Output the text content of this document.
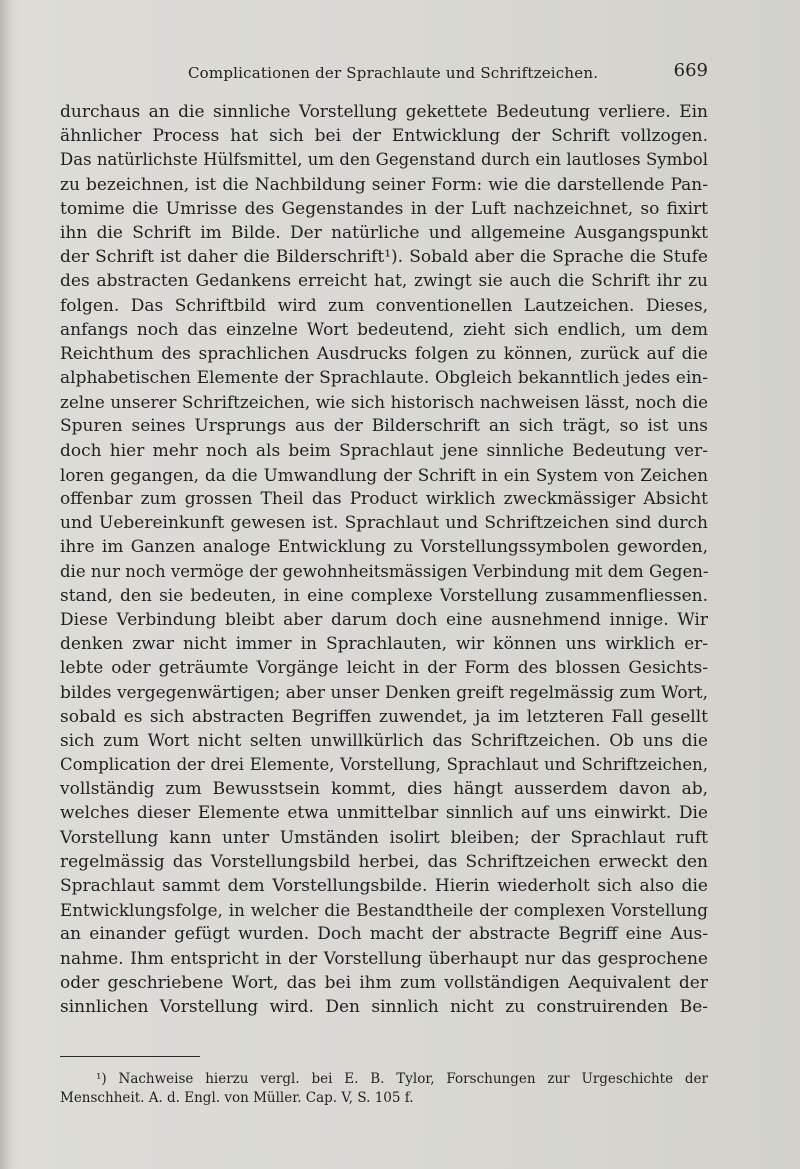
Complicationen der Sprachlaute und Schriftzeichen.	669
durchaus an die sinnliche Vorstellung gekettete Bedeutung verliere. Ein
ähnlicher Process hat sich bei der Entwicklung der Schrift vollzogen.
Das natürlichste Hülfsmittel, um den Gegenstand durch ein lautloses Symbol
zu bezeichnen, ist die Nachbildung seiner Form: wie die darstellende Pan-
tomime die Umrisse des Gegenstandes in der Luft nachzeichnet, so fixirt
ihn die Schrift im Bilde. Der natürliche und allgemeine Ausgangspunkt
der Schrift ist daher die Bilderschrift¹). Sobald aber die Sprache die Stufe
des abstracten Gedankens erreicht hat, zwingt sie auch die Schrift ihr zu
folgen. Das Schriftbild wird zum conventionellen Lautzeichen. Dieses,
anfangs noch das einzelne Wort bedeutend, zieht sich endlich, um dem
Reichthum des sprachlichen Ausdrucks folgen zu können, zurück auf die
alphabetischen Elemente der Sprachlaute. Obgleich bekanntlich jedes ein-
zelne unserer Schriftzeichen, wie sich historisch nachweisen lässt, noch die
Spuren seines Ursprungs aus der Bilderschrift an sich trägt, so ist uns
doch hier mehr noch als beim Sprachlaut jene sinnliche Bedeutung ver-
loren gegangen, da die Umwandlung der Schrift in ein System von Zeichen
offenbar zum grossen Theil das Product wirklich zweckmässiger Absicht
und Uebereinkunft gewesen ist. Sprachlaut und Schriftzeichen sind durch
ihre im Ganzen analoge Entwicklung zu Vorstellungssymbolen geworden,
die nur noch vermöge der gewohnheitsmässigen Verbindung mit dem Gegen-
stand, den sie bedeuten, in eine complexe Vorstellung zusammenfliessen.
Diese Verbindung bleibt aber darum doch eine ausnehmend innige. Wir
denken zwar nicht immer in Sprachlauten, wir können uns wirklich er-
lebte oder geträumte Vorgänge leicht in der Form des blossen Gesichts-
bildes vergegenwärtigen; aber unser Denken greift regelmässig zum Wort,
sobald es sich abstracten Begriffen zuwendet, ja im letzteren Fall gesellt
sich zum Wort nicht selten unwillkürlich das Schriftzeichen. Ob uns die
Complication der drei Elemente, Vorstellung, Sprachlaut und Schriftzeichen,
vollständig zum Bewusstsein kommt, dies hängt ausserdem davon ab,
welches dieser Elemente etwa unmittelbar sinnlich auf uns einwirkt. Die
Vorstellung kann unter Umständen isolirt bleiben; der Sprachlaut ruft
regelmässig das Vorstellungsbild herbei, das Schriftzeichen erweckt den
Sprachlaut sammt dem Vorstellungsbilde. Hierin wiederholt sich also die
Entwicklungsfolge, in welcher die Bestandtheile der complexen Vorstellung
an einander gefügt wurden. Doch macht der abstracte Begriff eine Aus-
nahme. Ihm entspricht in der Vorstellung überhaupt nur das gesprochene
oder geschriebene Wort, das bei ihm zum vollständigen Aequivalent der
sinnlichen Vorstellung wird. Den sinnlich nicht zu construirenden Be-
¹) Nachweise hierzu vergl. bei E. B. Tylor, Forschungen zur Urgeschichte der
Menschheit. A. d. Engl. von Müller. Cap. V, S. 105 f.
